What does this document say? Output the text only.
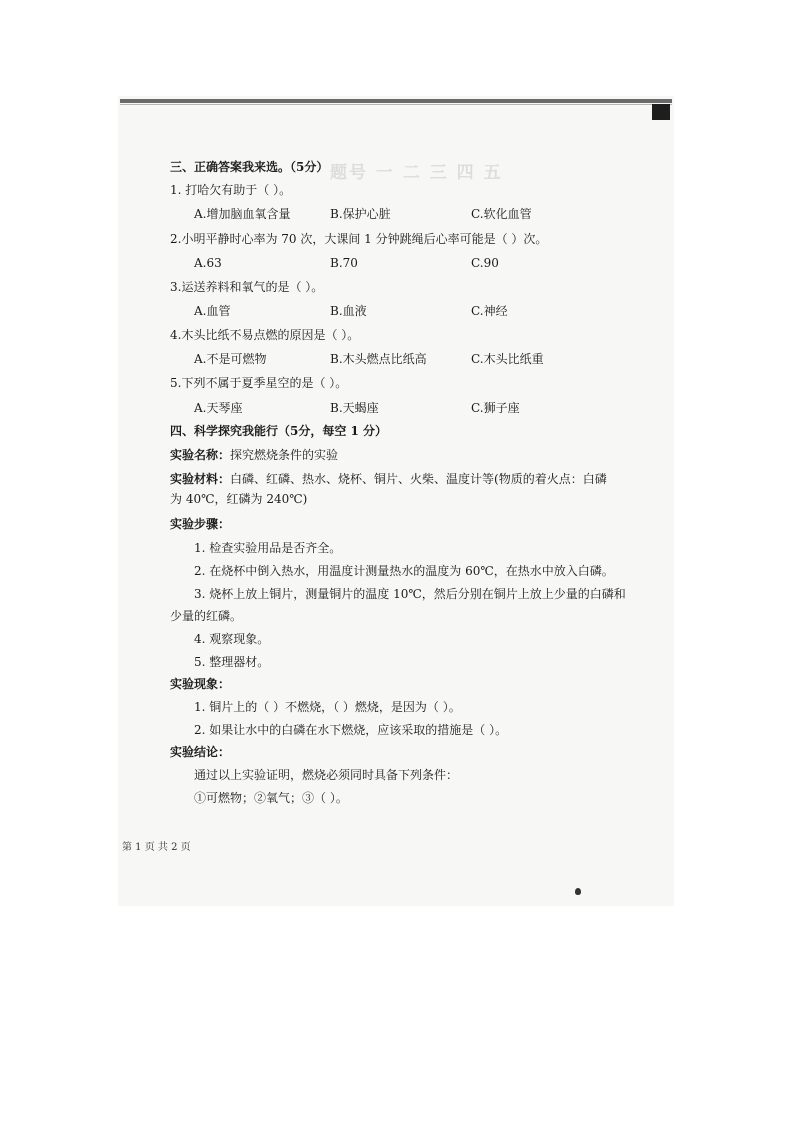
题号 一 二 三 四 五
三、正确答案我来选。（5分）
1. 打哈欠有助于（ ）。
A.增加脑血氧含量	B.保护心脏	C.软化血管
2.小明平静时心率为 70 次，大课间 1 分钟跳绳后心率可能是（ ）次。
A.63	B.70	C.90
3.运送养料和氧气的是（ ）。
A.血管	B.血液	C.神经
4.木头比纸不易点燃的原因是（ ）。
A.不是可燃物	B.木头燃点比纸高	C.木头比纸重
5.下列不属于夏季星空的是（ ）。
A.天琴座	B.天蝎座	C.狮子座
四、科学探究我能行（5分，每空 1 分）
实验名称：探究燃烧条件的实验
实验材料：白磷、红磷、热水、烧杯、铜片、火柴、温度计等(物质的着火点：白磷
为 40℃，红磷为 240℃)
实验步骤：
1. 检查实验用品是否齐全。
2. 在烧杯中倒入热水，用温度计测量热水的温度为 60℃，在热水中放入白磷。
3. 烧杯上放上铜片，测量铜片的温度 10℃，然后分别在铜片上放上少量的白磷和
少量的红磷。
4. 观察现象。
5. 整理器材。
实验现象：
1. 铜片上的（ ）不燃烧，（ ）燃烧，是因为（ ）。
2. 如果让水中的白磷在水下燃烧，应该采取的措施是（ ）。
实验结论：
通过以上实验证明，燃烧必须同时具备下列条件：
①可燃物；②氧气；③（ ）。
第 1 页 共 2 页
